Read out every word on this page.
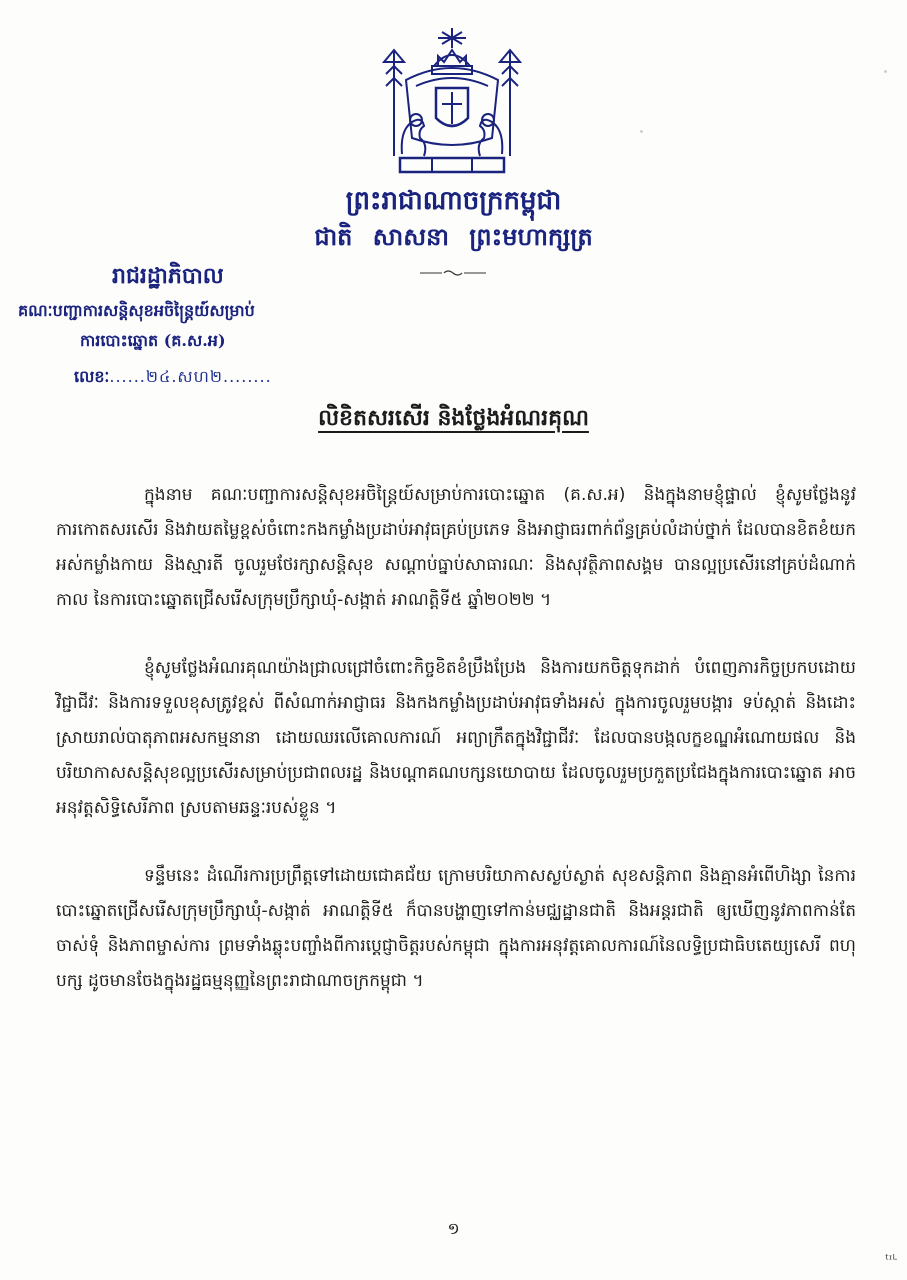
ព្រះរាជាណាចក្រកម្ពុជា
ជាតិ សាសនា ព្រះមហាក្សត្រ
រាជរដ្ឋាភិបាល
គណៈបញ្ជាការសន្តិសុខអចិន្ត្រៃយ៍សម្រាប់
ការបោះឆ្នោត (គ.ស.អ)
លេខៈ......២៤.សហ២........
លិខិតសរសើរ និងថ្លែងអំណរគុណ

ក្នុងនាម គណៈបញ្ជាការសន្តិសុខអចិន្ត្រៃយ៍សម្រាប់ការបោះឆ្នោត (គ.ស.អ) និងក្នុងនាមខ្ញុំផ្ទាល់ ខ្ញុំសូមថ្លែងនូវការកោតសរសើរ និងវាយតម្លៃខ្ពស់ចំពោះកងកម្លាំងប្រដាប់អាវុធគ្រប់ប្រភេទ និងអាជ្ញាធរពាក់ព័ន្ធគ្រប់លំដាប់ថ្នាក់ ដែលបានខិតខំយកអស់កម្លាំងកាយ និងស្មារតី ចូលរួមថែរក្សាសន្តិសុខ សណ្តាប់ធ្នាប់សាធារណៈ និងសុវត្ថិភាពសង្គម បានល្អប្រសើរនៅគ្រប់ដំណាក់កាល នៃការបោះឆ្នោតជ្រើសរើសក្រុមប្រឹក្សាឃុំ-សង្កាត់ អាណត្តិទី៥ ឆ្នាំ២០២២ ។

ខ្ញុំសូមថ្លែងអំណរគុណយ៉ាងជ្រាលជ្រៅចំពោះកិច្ចខិតខំប្រឹងប្រែង និងការយកចិត្តទុកដាក់ បំពេញភារកិច្ចប្រកបដោយវិជ្ជាជីវៈ និងការទទួលខុសត្រូវខ្ពស់ ពីសំណាក់អាជ្ញាធរ និងកងកម្លាំងប្រដាប់អាវុធទាំងអស់ ក្នុងការចូលរួមបង្ការ ទប់ស្កាត់ និងដោះស្រាយរាល់បាតុភាពអសកម្មនានា ដោយឈរលើគោលការណ៍ អព្យាក្រឹតក្នុងវិជ្ជាជីវៈ ដែលបានបង្កលក្ខខណ្ឌអំណោយផល និងបរិយាកាសសន្តិសុខល្អប្រសើរសម្រាប់ប្រជាពលរដ្ឋ និងបណ្តាគណបក្សនយោបាយ ដែលចូលរួមប្រកួតប្រជែងក្នុងការបោះឆ្នោត អាចអនុវត្តសិទ្ធិសេរីភាព ស្របតាមឆន្ទៈរបស់ខ្លួន ។

ទន្ទឹមនេះ ដំណើរការប្រព្រឹត្តទៅដោយជោគជ័យ ក្រោមបរិយាកាសស្ងប់ស្ងាត់ សុខសន្តិភាព និងគ្មានអំពើហិង្សា នៃការបោះឆ្នោតជ្រើសរើសក្រុមប្រឹក្សាឃុំ-សង្កាត់ អាណត្តិទី៥ ក៏បានបង្ហាញទៅកាន់មជ្ឈដ្ឋានជាតិ និងអន្តរជាតិ ឲ្យឃើញនូវភាពកាន់តែចាស់ទុំ និងភាពម្ចាស់ការ ព្រមទាំងឆ្លុះបញ្ចាំងពីការប្តេជ្ញាចិត្តរបស់កម្ពុជា ក្នុងការអនុវត្តគោលការណ៍នៃលទ្ធិប្រជាធិបតេយ្យសេរី ពហុបក្ស ដូចមានចែងក្នុងរដ្ឋធម្មនុញ្ញនៃព្រះរាជាណាចក្រកម្ពុជា ។

១
ᵗᶦᴸ
